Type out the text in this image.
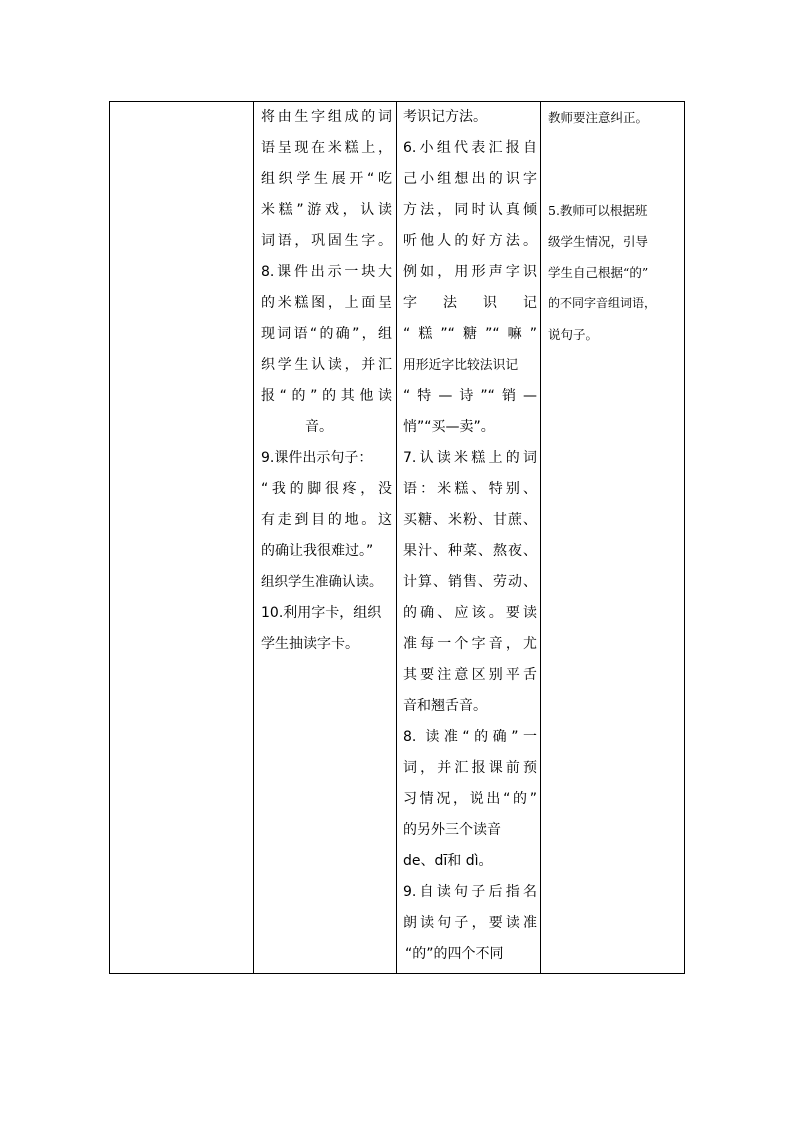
将由生字组成的词
语呈现在米糕上，
组织学生展开“吃
米糕”游戏，认读
词语，巩固生字。
8.课件出示一块大
的米糕图，上面呈
现词语“的确”，组
织学生认读，并汇
报“的”的其他读
音。
9.课件出示句子：
“我的脚很疼，没
有走到目的地。这
的确让我很难过。”
组织学生准确认读。
10.利用字卡，组织
学生抽读字卡。
考识记方法。
6.小组代表汇报自
己小组想出的识字
方法，同时认真倾
听他人的好方法。
例如，用形声字识
字　法　识　记
“糕”“糖”“嘛”
用形近字比较法识记
“特—诗”“销—
悄”“买—卖”。
7.认读米糕上的词
语：米糕、特别、
买糖、米粉、甘蔗、
果汁、种菜、熬夜、
计算、销售、劳动、
的确、应该。要读
准每一个字音，尤
其要注意区别平舌
音和翘舌音。
8. 读准“的确”一
词，并汇报课前预
习情况，说出“的”
的另外三个读音
de、dī和 dì。
9.自读句子后指名
朗读句子，要读准
“的”的四个不同
教师要注意纠正。
5.教师可以根据班
级学生情况，引导
学生自己根据“的”
的不同字音组词语，
说句子。
